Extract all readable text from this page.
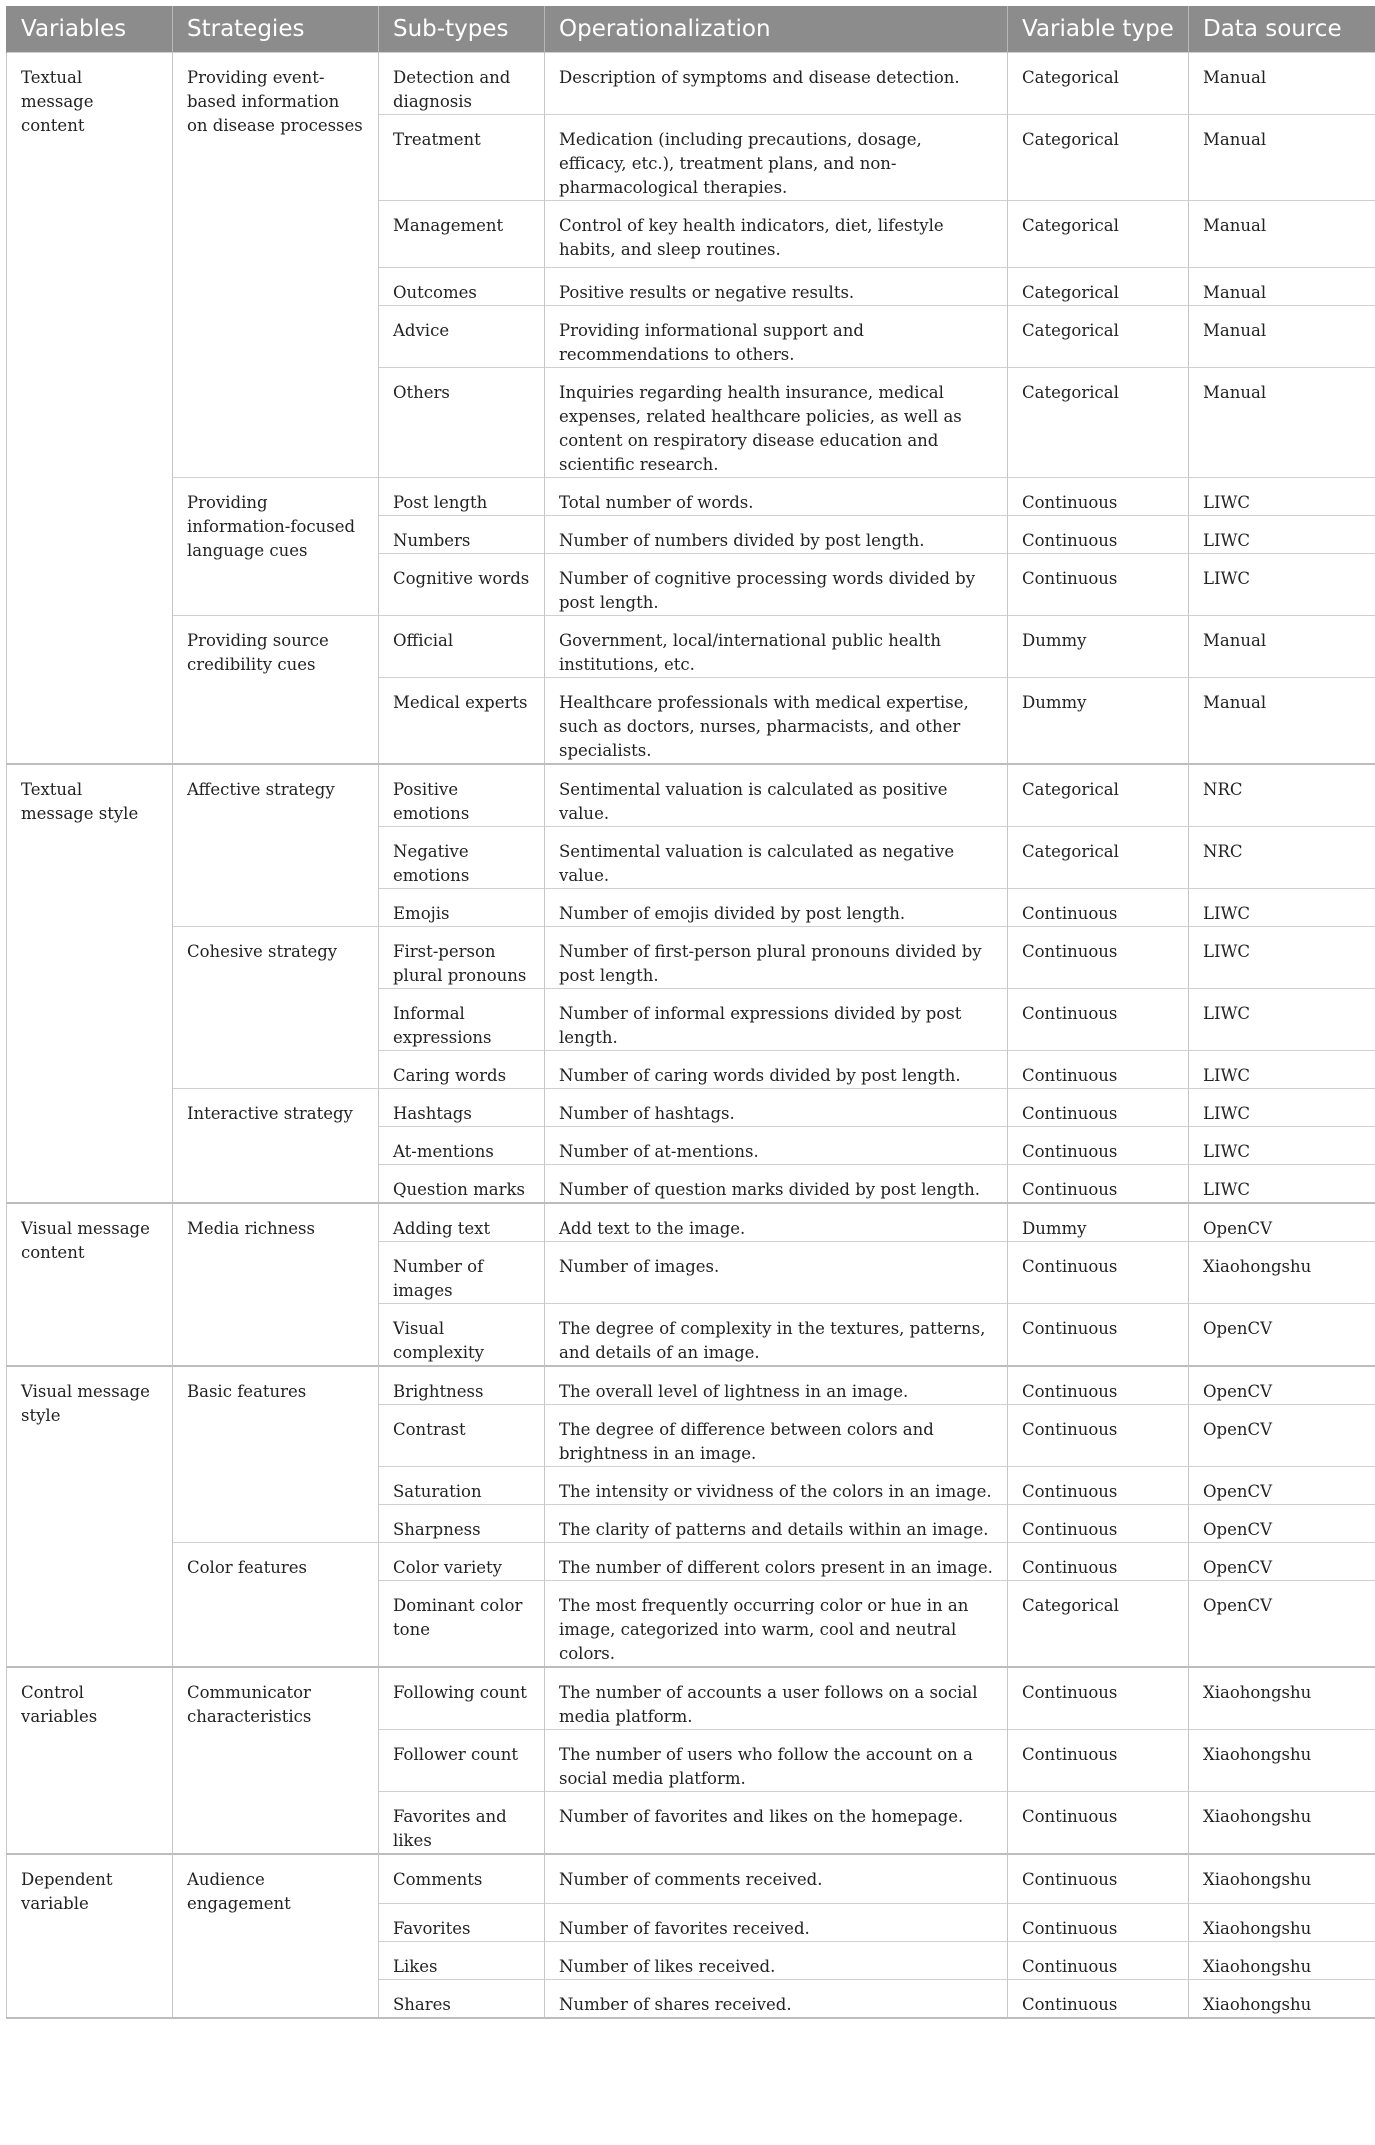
Variables	Strategies	Sub-types	Operationalization	Variable type	Data source
Textual message content	Providing event-based information on disease processes	Detection and diagnosis	Description of symptoms and disease detection.	Categorical	Manual
		Treatment	Medication (including precautions, dosage, efficacy, etc.), treatment plans, and non-pharmacological therapies.	Categorical	Manual
		Management	Control of key health indicators, diet, lifestyle habits, and sleep routines.	Categorical	Manual
		Outcomes	Positive results or negative results.	Categorical	Manual
		Advice	Providing informational support and recommendations to others.	Categorical	Manual
		Others	Inquiries regarding health insurance, medical expenses, related healthcare policies, as well as content on respiratory disease education and scientific research.	Categorical	Manual
	Providing information-focused language cues	Post length	Total number of words.	Continuous	LIWC
		Numbers	Number of numbers divided by post length.	Continuous	LIWC
		Cognitive words	Number of cognitive processing words divided by post length.	Continuous	LIWC
	Providing source credibility cues	Official	Government, local/international public health institutions, etc.	Dummy	Manual
		Medical experts	Healthcare professionals with medical expertise, such as doctors, nurses, pharmacists, and other specialists.	Dummy	Manual
Textual message style	Affective strategy	Positive emotions	Sentimental valuation is calculated as positive value.	Categorical	NRC
		Negative emotions	Sentimental valuation is calculated as negative value.	Categorical	NRC
		Emojis	Number of emojis divided by post length.	Continuous	LIWC
	Cohesive strategy	First-person plural pronouns	Number of first-person plural pronouns divided by post length.	Continuous	LIWC
		Informal expressions	Number of informal expressions divided by post length.	Continuous	LIWC
		Caring words	Number of caring words divided by post length.	Continuous	LIWC
	Interactive strategy	Hashtags	Number of hashtags.	Continuous	LIWC
		At-mentions	Number of at-mentions.	Continuous	LIWC
		Question marks	Number of question marks divided by post length.	Continuous	LIWC
Visual message content	Media richness	Adding text	Add text to the image.	Dummy	OpenCV
		Number of images	Number of images.	Continuous	Xiaohongshu
		Visual complexity	The degree of complexity in the textures, patterns, and details of an image.	Continuous	OpenCV
Visual message style	Basic features	Brightness	The overall level of lightness in an image.	Continuous	OpenCV
		Contrast	The degree of difference between colors and brightness in an image.	Continuous	OpenCV
		Saturation	The intensity or vividness of the colors in an image.	Continuous	OpenCV
		Sharpness	The clarity of patterns and details within an image.	Continuous	OpenCV
	Color features	Color variety	The number of different colors present in an image.	Continuous	OpenCV
		Dominant color tone	The most frequently occurring color or hue in an image, categorized into warm, cool and neutral colors.	Categorical	OpenCV
Control variables	Communicator characteristics	Following count	The number of accounts a user follows on a social media platform.	Continuous	Xiaohongshu
		Follower count	The number of users who follow the account on a social media platform.	Continuous	Xiaohongshu
		Favorites and likes	Number of favorites and likes on the homepage.	Continuous	Xiaohongshu
Dependent variable	Audience engagement	Comments	Number of comments received.	Continuous	Xiaohongshu
		Favorites	Number of favorites received.	Continuous	Xiaohongshu
		Likes	Number of likes received.	Continuous	Xiaohongshu
		Shares	Number of shares received.	Continuous	Xiaohongshu
